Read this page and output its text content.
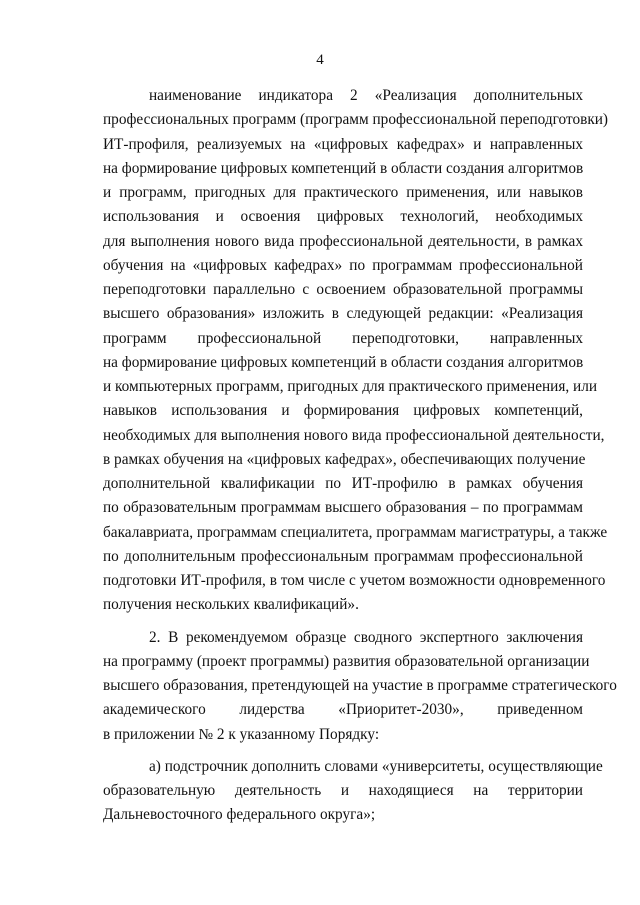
4
наименование индикатора 2 «Реализация дополнительных
профессиональных программ (программ профессиональной переподготовки)
ИТ-профиля, реализуемых на «цифровых кафедрах» и направленных
на формирование цифровых компетенций в области создания алгоритмов
и программ, пригодных для практического применения, или навыков
использования и освоения цифровых технологий, необходимых
для выполнения нового вида профессиональной деятельности, в рамках
обучения на «цифровых кафедрах» по программам профессиональной
переподготовки параллельно с освоением образовательной программы
высшего образования» изложить в следующей редакции: «Реализация
программ профессиональной переподготовки, направленных
на формирование цифровых компетенций в области создания алгоритмов
и компьютерных программ, пригодных для практического применения, или
навыков использования и формирования цифровых компетенций,
необходимых для выполнения нового вида профессиональной деятельности,
в рамках обучения на «цифровых кафедрах», обеспечивающих получение
дополнительной квалификации по ИТ-профилю в рамках обучения
по образовательным программам высшего образования – по программам
бакалавриата, программам специалитета, программам магистратуры, а также
по дополнительным профессиональным программам профессиональной
подготовки ИТ-профиля, в том числе с учетом возможности одновременного
получения нескольких квалификаций».
2. В рекомендуемом образце сводного экспертного заключения
на программу (проект программы) развития образовательной организации
высшего образования, претендующей на участие в программе стратегического
академического лидерства «Приоритет-2030», приведенном
в приложении № 2 к указанному Порядку:
а) подстрочник дополнить словами «университеты, осуществляющие
образовательную деятельность и находящиеся на территории
Дальневосточного федерального округа»;
